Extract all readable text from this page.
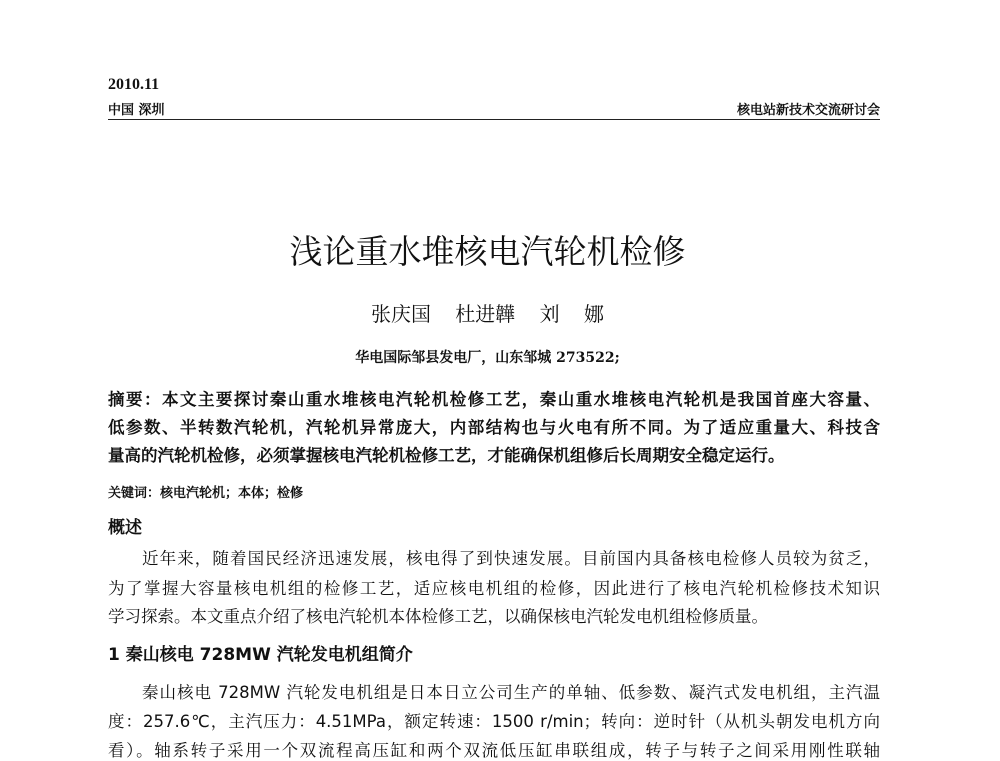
2010.11
中国 深圳	核电站新技术交流研讨会
浅论重水堆核电汽轮机检修
张庆国 杜进韡 刘 娜
华电国际邹县发电厂，山东邹城 273522;
摘要：本文主要探讨秦山重水堆核电汽轮机检修工艺，秦山重水堆核电汽轮机是我国首座大容量、
低参数、半转数汽轮机，汽轮机异常庞大，内部结构也与火电有所不同。为了适应重量大、科技含
量高的汽轮机检修，必须掌握核电汽轮机检修工艺，才能确保机组修后长周期安全稳定运行。
关键词：核电汽轮机；本体；检修
概述
近年来，随着国民经济迅速发展，核电得了到快速发展。目前国内具备核电检修人员较为贫乏，
为了掌握大容量核电机组的检修工艺，适应核电机组的检修，因此进行了核电汽轮机检修技术知识
学习探索。本文重点介绍了核电汽轮机本体检修工艺，以确保核电汽轮发电机组检修质量。
1 秦山核电 728MW 汽轮发电机组简介
秦山核电 728MW 汽轮发电机组是日本日立公司生产的单轴、低参数、凝汽式发电机组，主汽温
度：257.6℃，主汽压力：4.51MPa，额定转速：1500 r/min；转向：逆时针（从机头朝发电机方向
看）。轴系转子采用一个双流程高压缸和两个双流低压缸串联组成，转子与转子之间采用刚性联轴
